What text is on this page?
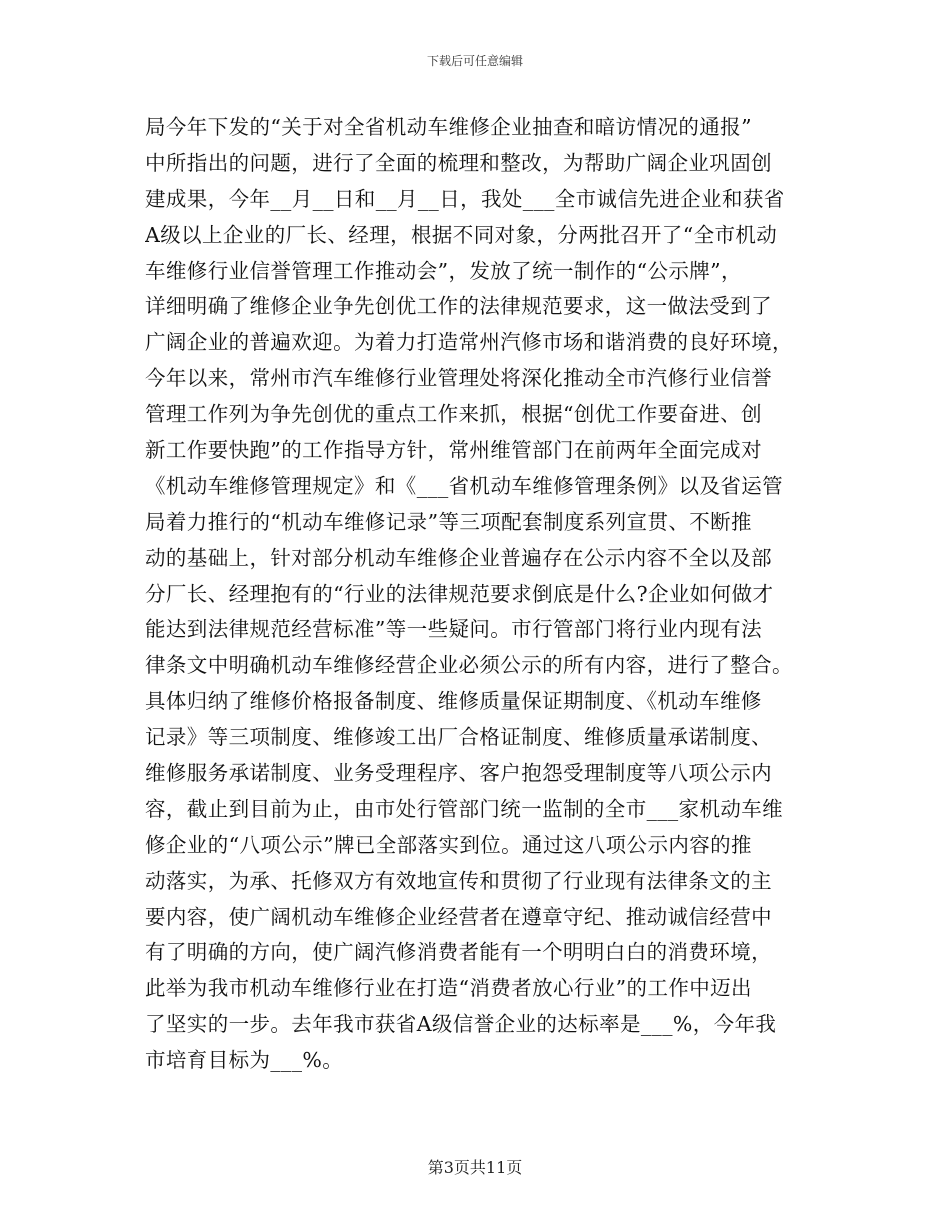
下载后可任意编辑
局今年下发的“关于对全省机动车维修企业抽查和暗访情况的通报”
中所指出的问题，进行了全面的梳理和整改，为帮助广阔企业巩固创
建成果，今年__月__日和__月__日，我处___全市诚信先进企业和获省
A级以上企业的厂长、经理，根据不同对象，分两批召开了“全市机动
车维修行业信誉管理工作推动会”，发放了统一制作的“公示牌”，
详细明确了维修企业争先创优工作的法律规范要求，这一做法受到了
广阔企业的普遍欢迎。为着力打造常州汽修市场和谐消费的良好环境，
今年以来，常州市汽车维修行业管理处将深化推动全市汽修行业信誉
管理工作列为争先创优的重点工作来抓，根据“创优工作要奋进、创
新工作要快跑”的工作指导方针，常州维管部门在前两年全面完成对
《机动车维修管理规定》和《___省机动车维修管理条例》以及省运管
局着力推行的“机动车维修记录”等三项配套制度系列宣贯、不断推
动的基础上，针对部分机动车维修企业普遍存在公示内容不全以及部
分厂长、经理抱有的“行业的法律规范要求倒底是什么?企业如何做才
能达到法律规范经营标准”等一些疑问。市行管部门将行业内现有法
律条文中明确机动车维修经营企业必须公示的所有内容，进行了整合。
具体归纳了维修价格报备制度、维修质量保证期制度、《机动车维修
记录》等三项制度、维修竣工出厂合格证制度、维修质量承诺制度、
维修服务承诺制度、业务受理程序、客户抱怨受理制度等八项公示内
容，截止到目前为止，由市处行管部门统一监制的全市___家机动车维
修企业的“八项公示”牌已全部落实到位。通过这八项公示内容的推
动落实，为承、托修双方有效地宣传和贯彻了行业现有法律条文的主
要内容，使广阔机动车维修企业经营者在遵章守纪、推动诚信经营中
有了明确的方向，使广阔汽修消费者能有一个明明白白的消费环境，
此举为我市机动车维修行业在打造“消费者放心行业”的工作中迈出
了坚实的一步。去年我市获省A级信誉企业的达标率是___%，今年我
市培育目标为___%。
第3页共11页
